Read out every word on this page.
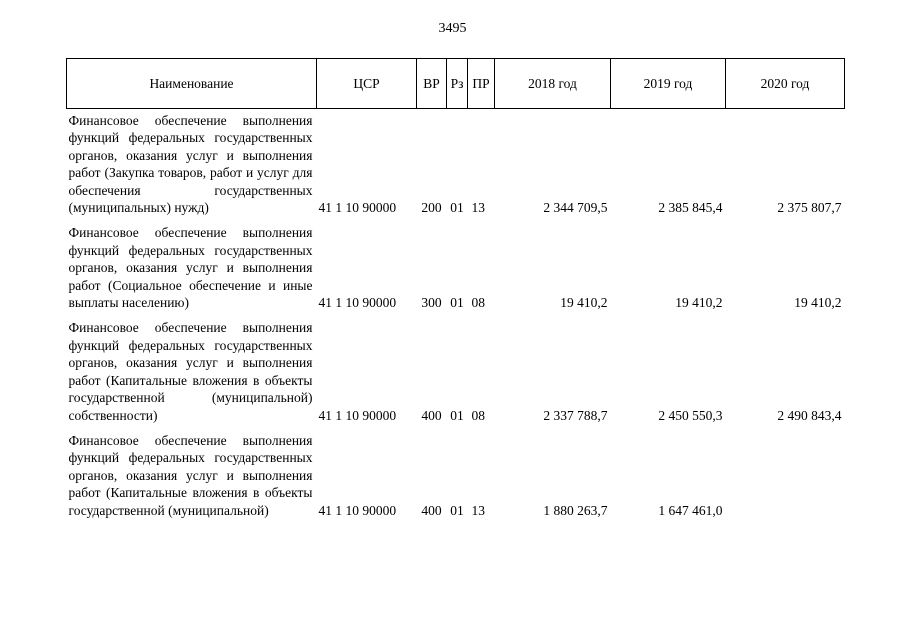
3495
Наименование	ЦСР	ВР	Рз	ПР	2018 год	2019 год	2020 год
Финансовое обеспечение выполнения функций федеральных государственных органов, оказания услуг и выполнения работ (Закупка товаров, работ и услуг для обеспечения государственных (муниципальных) нужд)	41 1 10 90000	200	01	13	2 344 709,5	2 385 845,4	2 375 807,7
Финансовое обеспечение выполнения функций федеральных государственных органов, оказания услуг и выполнения работ (Социальное обеспечение и иные выплаты населению)	41 1 10 90000	300	01	08	19 410,2	19 410,2	19 410,2
Финансовое обеспечение выполнения функций федеральных государственных органов, оказания услуг и выполнения работ (Капитальные вложения в объекты государственной (муниципальной) собственности)	41 1 10 90000	400	01	08	2 337 788,7	2 450 550,3	2 490 843,4
Финансовое обеспечение выполнения функций федеральных государственных органов, оказания услуг и выполнения работ (Капитальные вложения в объекты государственной (муниципальной)	41 1 10 90000	400	01	13	1 880 263,7	1 647 461,0	
